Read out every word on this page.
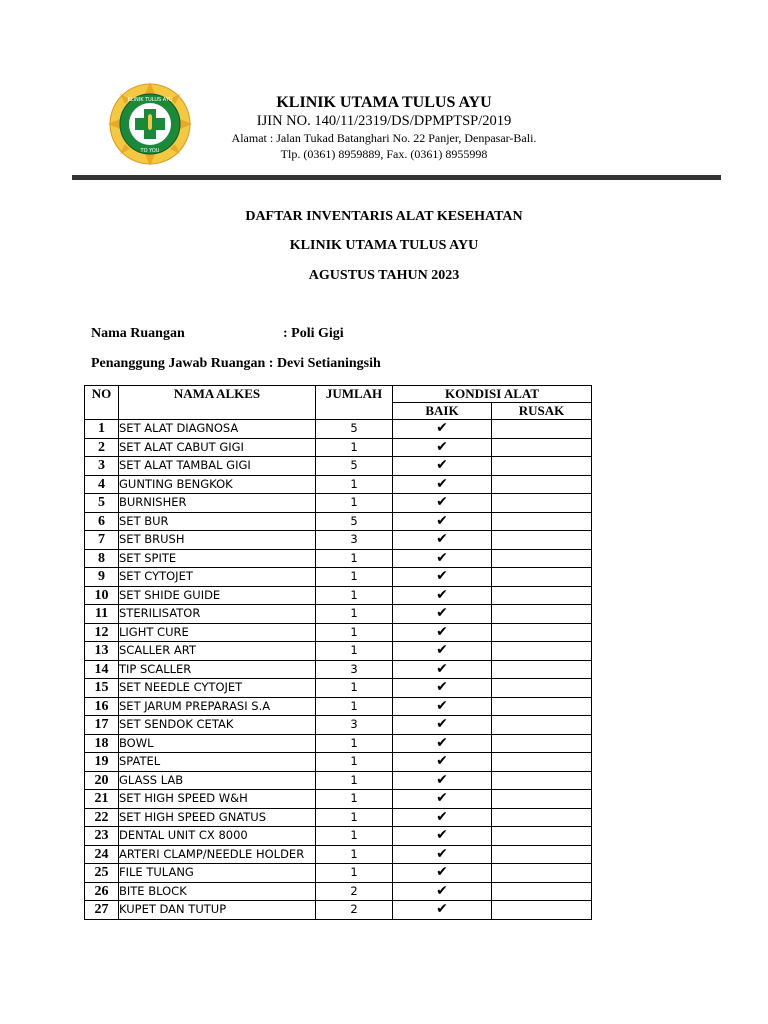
KLINIK TULUS AYU
TO YOU
KLINIK UTAMA TULUS AYU
IJIN NO. 140/11/2319/DS/DPMPTSP/2019
Alamat : Jalan Tukad Batanghari No. 22 Panjer, Denpasar-Bali.
Tlp. (0361) 8959889, Fax. (0361) 8955998
DAFTAR INVENTARIS ALAT KESEHATAN
KLINIK UTAMA TULUS AYU
AGUSTUS TAHUN 2023
Nama Ruangan	: Poli Gigi
Penanggung Jawab Ruangan : Devi Setianingsih
NO	NAMA ALKES	JUMLAH	KONDISI ALAT	
			BAIK	RUSAK
1	SET ALAT DIAGNOSA	5	✔	
2	SET ALAT CABUT GIGI	1	✔	
3	SET ALAT TAMBAL GIGI	5	✔	
4	GUNTING BENGKOK	1	✔	
5	BURNISHER	1	✔	
6	SET BUR	5	✔	
7	SET BRUSH	3	✔	
8	SET SPITE	1	✔	
9	SET CYTOJET	1	✔	
10	SET SHIDE GUIDE	1	✔	
11	STERILISATOR	1	✔	
12	LIGHT CURE	1	✔	
13	SCALLER ART	1	✔	
14	TIP SCALLER	3	✔	
15	SET NEEDLE CYTOJET	1	✔	
16	SET JARUM PREPARASI S.A	1	✔	
17	SET SENDOK CETAK	3	✔	
18	BOWL	1	✔	
19	SPATEL	1	✔	
20	GLASS LAB	1	✔	
21	SET HIGH SPEED W&H	1	✔	
22	SET HIGH SPEED GNATUS	1	✔	
23	DENTAL UNIT CX 8000	1	✔	
24	ARTERI CLAMP/NEEDLE HOLDER	1	✔	
25	FILE TULANG	1	✔	
26	BITE BLOCK	2	✔	
27	KUPET DAN TUTUP	2	✔	
